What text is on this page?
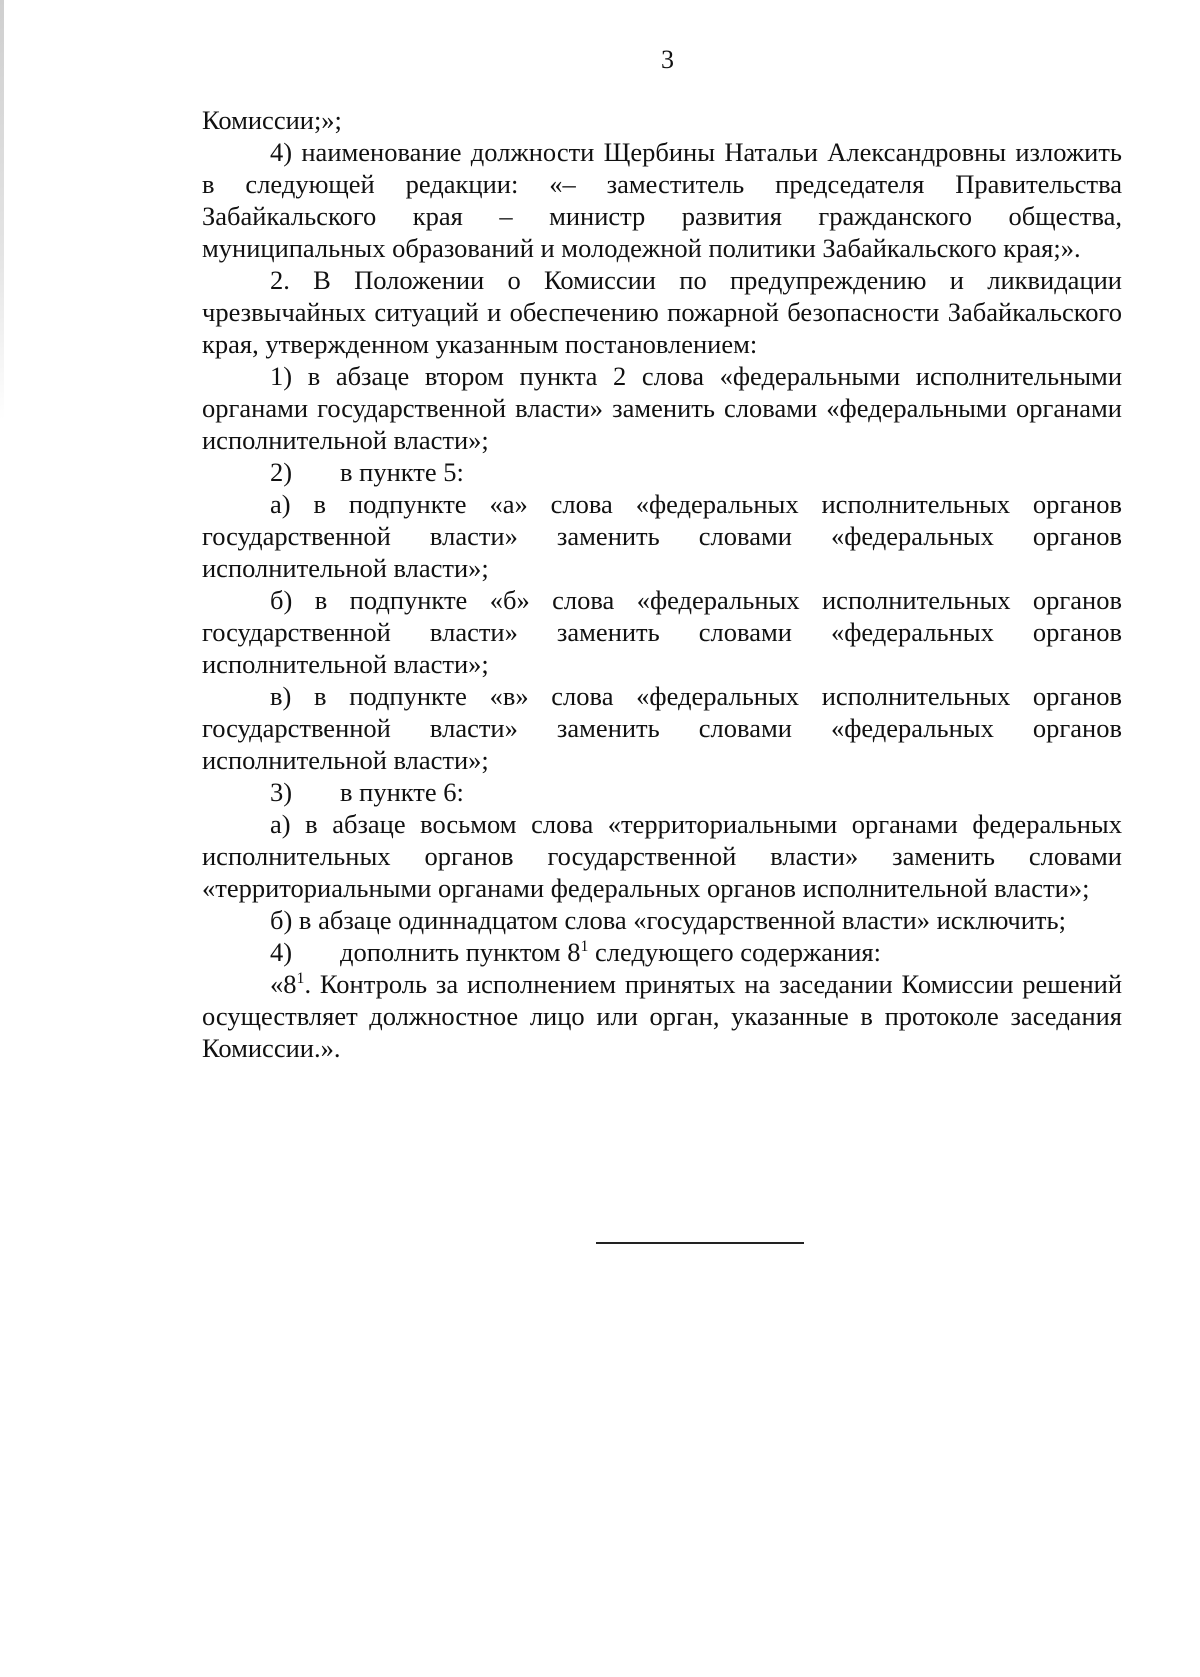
3

Комиссии;»;

4) наименование должности Щербины Натальи Александровны изложить в следующей редакции: «– заместитель председателя Правительства Забайкальского края – министр развития гражданского общества, муниципальных образований и молодежной политики Забайкальского края;».

2. В Положении о Комиссии по предупреждению и ликвидации чрезвычайных ситуаций и обеспечению пожарной безопасности Забайкальского края, утвержденном указанным постановлением:

1) в абзаце втором пункта 2 слова «федеральными исполнительными органами государственной власти» заменить словами «федеральными органами исполнительной власти»;

2)	в пункте 5:

а) в подпункте «а» слова «федеральных исполнительных органов государственной власти» заменить словами «федеральных органов исполнительной власти»;

б) в подпункте «б» слова «федеральных исполнительных органов государственной власти» заменить словами «федеральных органов исполнительной власти»;

в) в подпункте «в» слова «федеральных исполнительных органов государственной власти» заменить словами «федеральных органов исполнительной власти»;

3)	в пункте 6:

а) в абзаце восьмом слова «территориальными органами федеральных исполнительных органов государственной власти» заменить словами «территориальными органами федеральных органов исполнительной власти»;

б) в абзаце одиннадцатом слова «государственной власти» исключить;

4)	дополнить пунктом $8^1$ следующего содержания:

«$8^1$. Контроль за исполнением принятых на заседании Комиссии решений осуществляет должностное лицо или орган, указанные в протоколе заседания Комиссии.».
